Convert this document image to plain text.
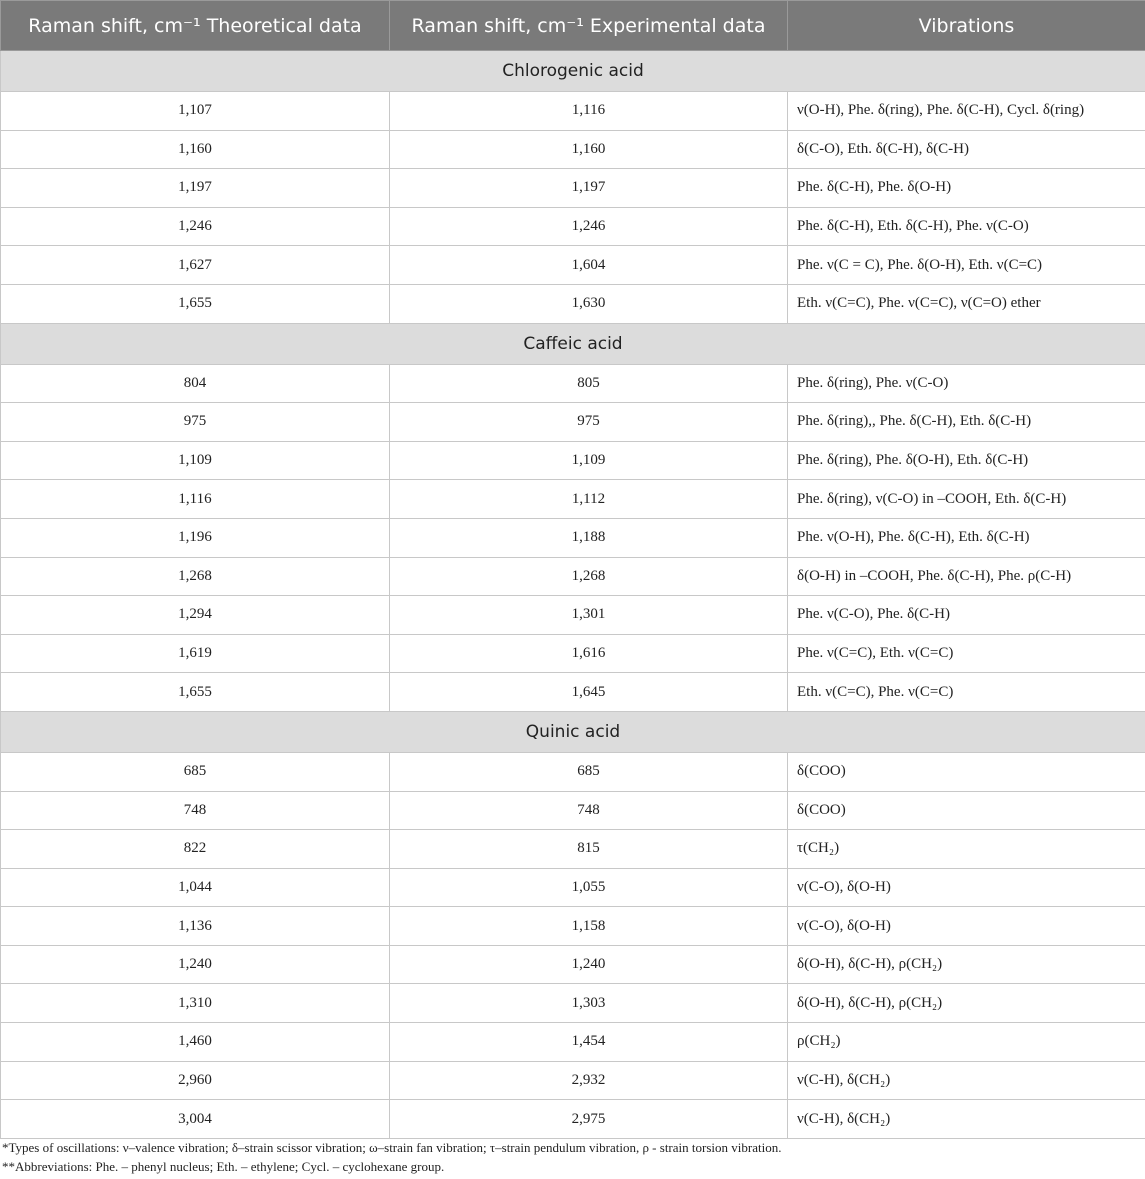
Raman shift, cm⁻¹ Theoretical data	Raman shift, cm⁻¹ Experimental data	Vibrations
Chlorogenic acid		
1,107	1,116	ν(O-H), Phe. δ(ring), Phe. δ(C-H), Cycl. δ(ring)
1,160	1,160	δ(C-O), Eth. δ(C-H), δ(C-H)
1,197	1,197	Phe. δ(C-H), Phe. δ(O-H)
1,246	1,246	Phe. δ(C-H), Eth. δ(C-H), Phe. ν(C-O)
1,627	1,604	Phe. ν(C = C), Phe. δ(O-H), Eth. ν(C=C)
1,655	1,630	Eth. ν(C=C), Phe. ν(C=C), ν(C=O) ether
Caffeic acid		
804	805	Phe. δ(ring), Phe. ν(C-O)
975	975	Phe. δ(ring),, Phe. δ(C-H), Eth. δ(C-H)
1,109	1,109	Phe. δ(ring), Phe. δ(O-H), Eth. δ(C-H)
1,116	1,112	Phe. δ(ring), ν(C-O) in –COOH, Eth. δ(C-H)
1,196	1,188	Phe. ν(O-H), Phe. δ(C-H), Eth. δ(C-H)
1,268	1,268	δ(O-H) in –COOH, Phe. δ(C-H), Phe. ρ(C-H)
1,294	1,301	Phe. ν(C-O), Phe. δ(C-H)
1,619	1,616	Phe. ν(C=C), Eth. ν(C=C)
1,655	1,645	Eth. ν(C=C), Phe. ν(C=C)
Quinic acid		
685	685	δ(COO)
748	748	δ(COO)
822	815	τ(CH₂)
1,044	1,055	ν(C-O), δ(O-H)
1,136	1,158	ν(C-O), δ(O-H)
1,240	1,240	δ(O-H), δ(C-H), ρ(CH₂)
1,310	1,303	δ(O-H), δ(C-H), ρ(CH₂)
1,460	1,454	ρ(CH₂)
2,960	2,932	ν(C-H), δ(CH₂)
3,004	2,975	ν(C-H), δ(CH₂)
*Types of oscillations: ν–valence vibration; δ–strain scissor vibration; ω–strain fan vibration; τ–strain pendulum vibration, ρ - strain torsion vibration.
**Abbreviations: Phe. – phenyl nucleus; Eth. – ethylene; Cycl. – cyclohexane group.
